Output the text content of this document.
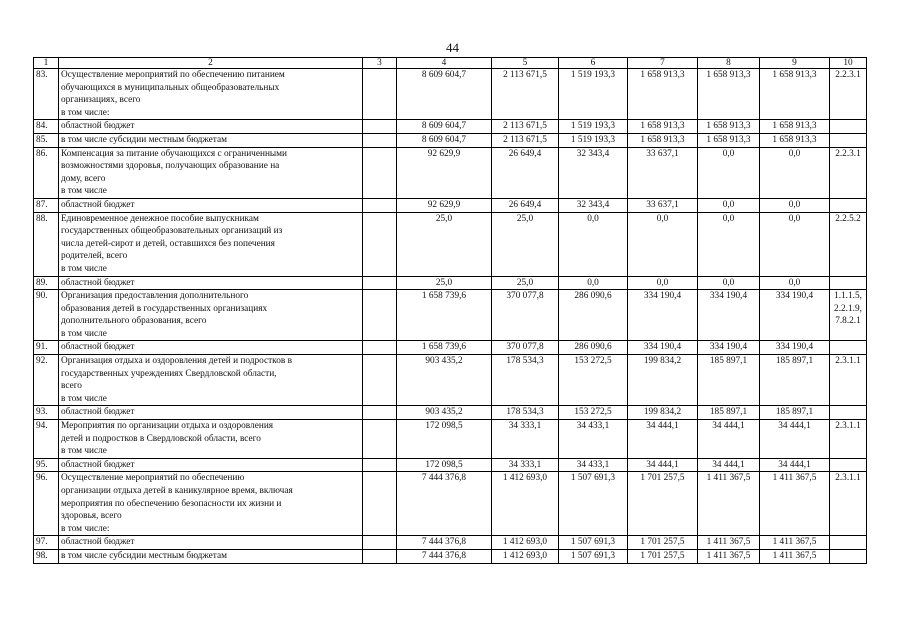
44
1	2	3	4	5	6	7	8	9	10
83.	Осуществление мероприятий по обеспечению питанием
обучающихся в муниципальных общеобразовательных
организациях, всего
в том числе:		8 609 604,7	2 113 671,5	1 519 193,3	1 658 913,3	1 658 913,3	1 658 913,3	2.2.3.1
84.	областной бюджет		8 609 604,7	2 113 671,5	1 519 193,3	1 658 913,3	1 658 913,3	1 658 913,3	
85.	в том числе субсидии местным бюджетам		8 609 604,7	2 113 671,5	1 519 193,3	1 658 913,3	1 658 913,3	1 658 913,3	
86.	Компенсация за питание обучающихся с ограниченными
возможностями здоровья, получающих образование на
дому, всего
в том числе		92 629,9	26 649,4	32 343,4	33 637,1	0,0	0,0	2.2.3.1
87.	областной бюджет		92 629,9	26 649,4	32 343,4	33 637,1	0,0	0,0	
88.	Единовременное денежное пособие выпускникам
государственных общеобразовательных организаций из
числа детей-сирот и детей, оставшихся без попечения
родителей, всего
в том числе		25,0	25,0	0,0	0,0	0,0	0,0	2.2.5.2
89.	областной бюджет		25,0	25,0	0,0	0,0	0,0	0,0	
90.	Организация предоставления дополнительного
образования детей в государственных организациях
дополнительного образования, всего
в том числе		1 658 739,6	370 077,8	286 090,6	334 190,4	334 190,4	334 190,4	1.1.1.5, 2.2.1.9, 7.8.2.1
91.	областной бюджет		1 658 739,6	370 077,8	286 090,6	334 190,4	334 190,4	334 190,4	
92.	Организация отдыха и оздоровления детей и подростков в
государственных учреждениях Свердловской области,
всего
в том числе		903 435,2	178 534,3	153 272,5	199 834,2	185 897,1	185 897,1	2.3.1.1
93.	областной бюджет		903 435,2	178 534,3	153 272,5	199 834,2	185 897,1	185 897,1	
94.	Мероприятия по организации отдыха и оздоровления
детей и подростков в Свердловской области, всего
в том числе		172 098,5	34 333,1	34 433,1	34 444,1	34 444,1	34 444,1	2.3.1.1
95.	областной бюджет		172 098,5	34 333,1	34 433,1	34 444,1	34 444,1	34 444,1	
96.	Осуществление мероприятий по обеспечению
организации отдыха детей в каникулярное время, включая
мероприятия по обеспечению безопасности их жизни и
здоровья, всего
в том числе:		7 444 376,8	1 412 693,0	1 507 691,3	1 701 257,5	1 411 367,5	1 411 367,5	2.3.1.1
97.	областной бюджет		7 444 376,8	1 412 693,0	1 507 691,3	1 701 257,5	1 411 367,5	1 411 367,5	
98.	в том числе субсидии местным бюджетам		7 444 376,8	1 412 693,0	1 507 691,3	1 701 257,5	1 411 367,5	1 411 367,5	
